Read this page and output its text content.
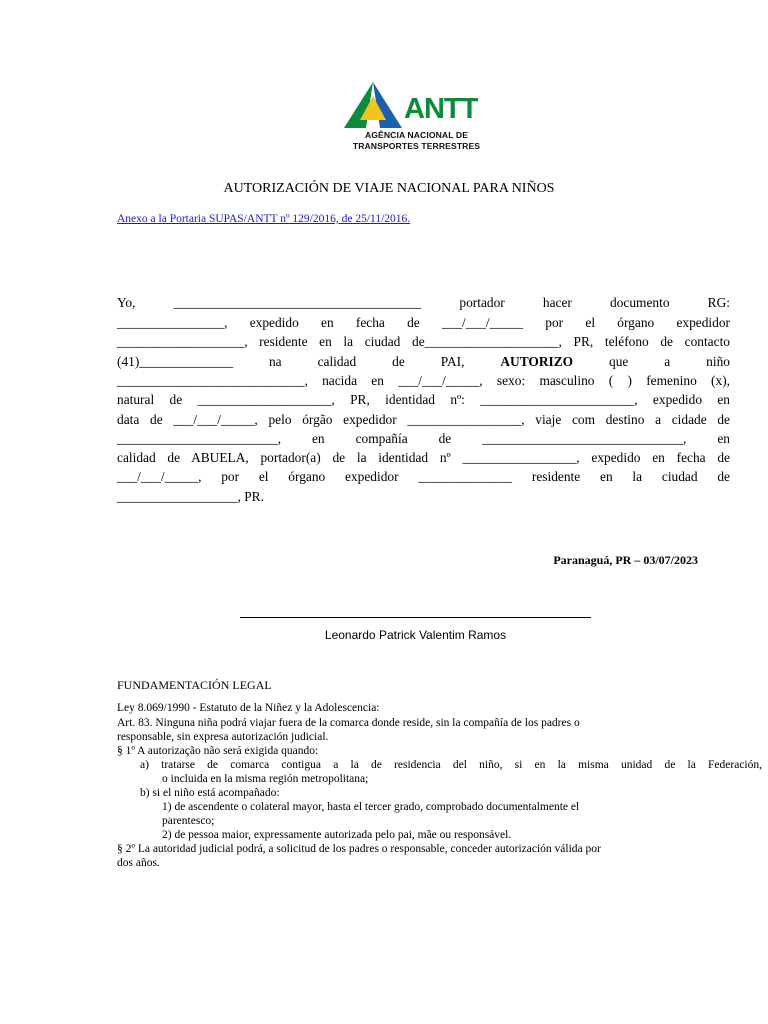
ANTT
AGÊNCIA NACIONAL DE
TRANSPORTES TERRESTRES
AUTORIZACIÓN DE VIAJE NACIONAL PARA NIÑOS
Anexo a la Portaria SUPAS/ANTT nº 129/2016, de 25/11/2016.
Yo, _____________________________________ portador hacer documento RG:
________________, expedido en fecha de ___/___/_____ por el órgano expedidor
___________________, residente en la ciudad de____________________, PR, teléfono de contacto
(41)______________ na calidad de PAI, AUTORIZO que a niño
____________________________, nacida en ___/___/_____, sexo: masculino ( ) femenino (x),
natural de ____________________, PR, identidad nº: _______________________, expedido en
data de ___/___/_____, pelo órgão expedidor _________________, viaje com destino a cidade de
________________________, en compañía de ______________________________, en
calidad de ABUELA, portador(a) de la identidad nº _________________, expedido en fecha de
___/___/_____, por el órgano expedidor ______________ residente en la ciudad de
__________________, PR.
Paranaguá, PR – 03/07/2023
Leonardo Patrick Valentim Ramos
FUNDAMENTACIÓN LEGAL
Ley 8.069/1990 - Estatuto de la Niñez y la Adolescencia:
Art. 83. Ninguna niña podrá viajar fuera de la comarca donde reside, sin la compañía de los padres o
responsable, sin expresa autorización judicial.
§ 1º A autorização não será exigida quando:
a) tratarse de comarca contigua a la de residencia del niño, si en la misma unidad de la Federación,
o incluida en la misma región metropolitana;
b) si el niño está acompañado:
1) de ascendente o colateral mayor, hasta el tercer grado, comprobado documentalmente el
parentesco;
2) de pessoa maior, expressamente autorizada pelo pai, mãe ou responsável.
§ 2º La autoridad judicial podrá, a solicitud de los padres o responsable, conceder autorización válida por
dos años.
